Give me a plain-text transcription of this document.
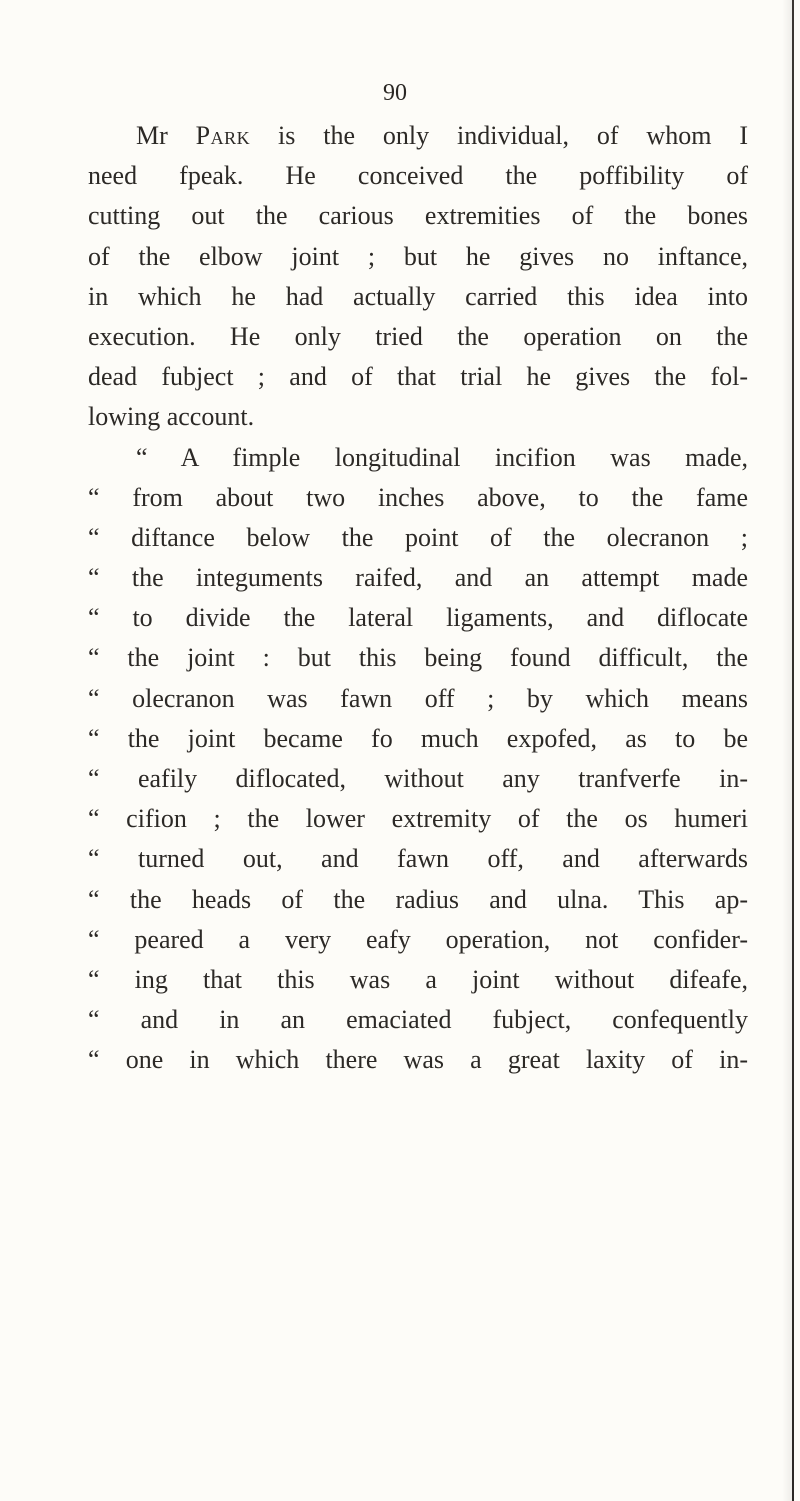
90
Mr Park is the only individual, of whom I
need fpeak. He conceived the poffibility of
cutting out the carious extremities of the bones
of the elbow joint ; but he gives no inftance,
in which he had actually carried this idea into
execution. He only tried the operation on the
dead fubject ; and of that trial he gives the fol-
lowing account.
“ A fimple longitudinal incifion was made,
“ from about two inches above, to the fame
“ diftance below the point of the olecranon ;
“ the integuments raifed, and an attempt made
“ to divide the lateral ligaments, and diflocate
“ the joint : but this being found difficult, the
“ olecranon was fawn off ; by which means
“ the joint became fo much expofed, as to be
“ eafily diflocated, without any tranfverfe in-
“ cifion ; the lower extremity of the os humeri
“ turned out, and fawn off, and afterwards
“ the heads of the radius and ulna. This ap-
“ peared a very eafy operation, not confider-
“ ing that this was a joint without difeafe,
“ and in an emaciated fubject, confequently
“ one in which there was a great laxity of in-
